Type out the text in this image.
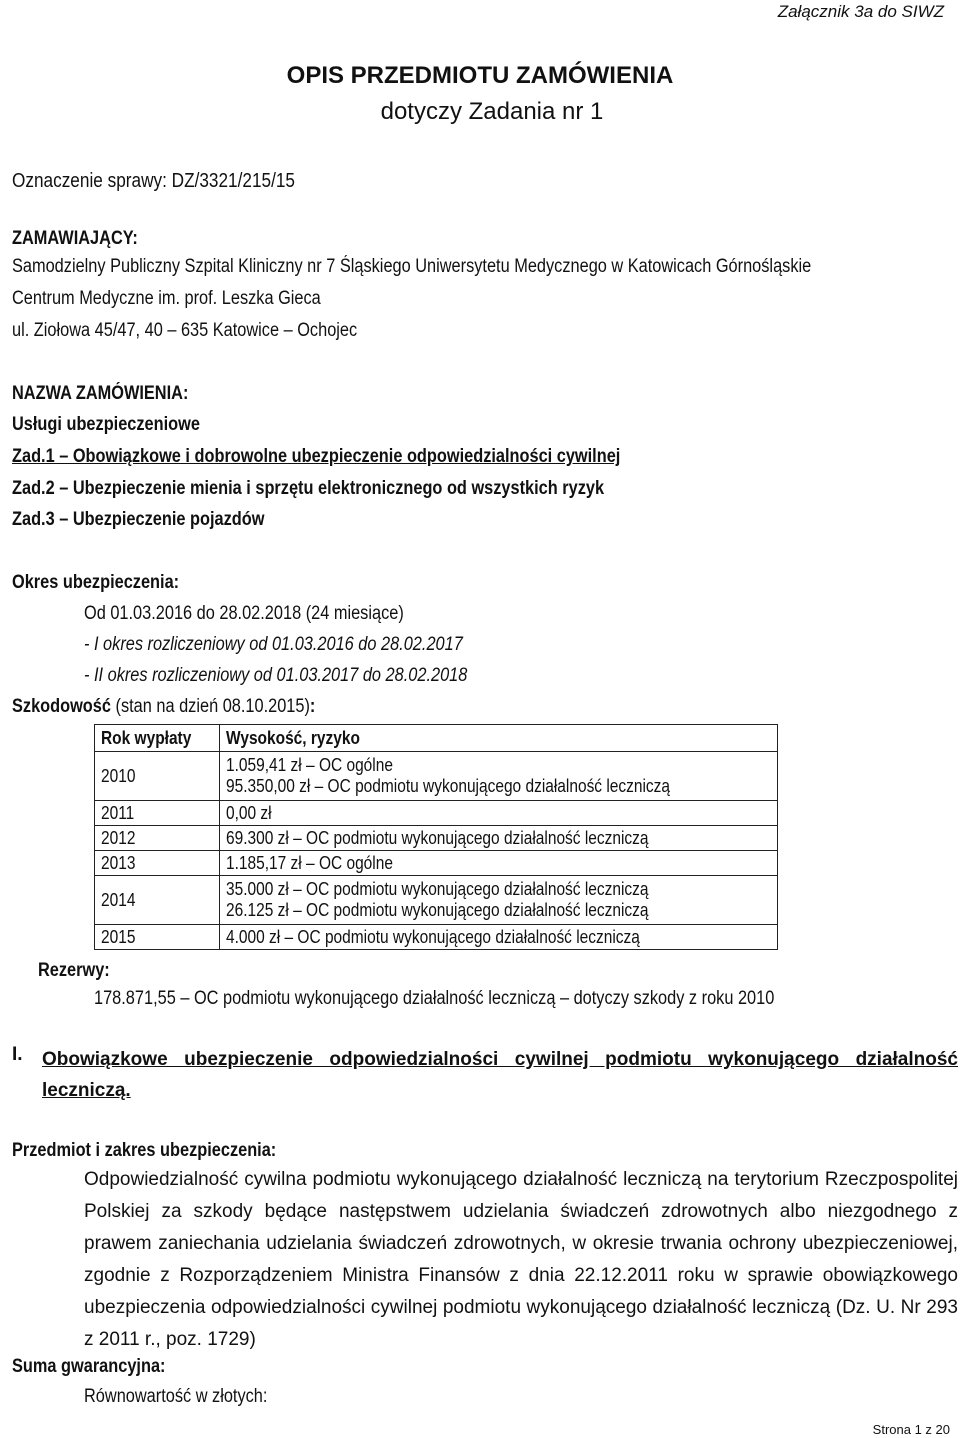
Załącznik 3a do SIWZ
OPIS PRZEDMIOTU ZAMÓWIENIA
dotyczy Zadania nr 1
Oznaczenie sprawy: DZ/3321/215/15
ZAMAWIAJĄCY:
Samodzielny Publiczny Szpital Kliniczny nr 7 Śląskiego Uniwersytetu Medycznego w Katowicach Górnośląskie
Centrum Medyczne im. prof. Leszka Gieca
ul. Ziołowa 45/47, 40 – 635 Katowice – Ochojec
NAZWA ZAMÓWIENIA:
Usługi ubezpieczeniowe
Zad.1 – Obowiązkowe i dobrowolne ubezpieczenie odpowiedzialności cywilnej
Zad.2 – Ubezpieczenie mienia i sprzętu elektronicznego od wszystkich ryzyk
Zad.3 – Ubezpieczenie pojazdów
Okres ubezpieczenia:
Od 01.03.2016 do 28.02.2018 (24 miesiące)
- I okres rozliczeniowy od 01.03.2016 do 28.02.2017
- II okres rozliczeniowy od 01.03.2017 do 28.02.2018
Szkodowość (stan na dzień 08.10.2015):
Rok wypłaty	Wysokość, ryzyko
2010	1.059,41 zł – OC ogólne
95.350,00 zł – OC podmiotu wykonującego działalność leczniczą

2011	0,00 zł

2012	69.300 zł – OC podmiotu wykonującego działalność leczniczą

2013	1.185,17 zł – OC ogólne

2014	35.000 zł – OC podmiotu wykonującego działalność leczniczą
26.125 zł – OC podmiotu wykonującego działalność leczniczą

2015	4.000 zł – OC podmiotu wykonującego działalność leczniczą
Rezerwy:
178.871,55 – OC podmiotu wykonującego działalność leczniczą – dotyczy szkody z roku 2010
I. Obowiązkowe ubezpieczenie odpowiedzialności cywilnej podmiotu wykonującego działalność leczniczą.
Przedmiot i zakres ubezpieczenia:
Odpowiedzialność cywilna podmiotu wykonującego działalność leczniczą na terytorium Rzeczpospolitej Polskiej za szkody będące następstwem udzielania świadczeń zdrowotnych albo niezgodnego z prawem zaniechania udzielania świadczeń zdrowotnych, w okresie trwania ochrony ubezpieczeniowej, zgodnie z Rozporządzeniem Ministra Finansów z dnia 22.12.2011 roku w sprawie obowiązkowego ubezpieczenia odpowiedzialności cywilnej podmiotu wykonującego działalność leczniczą (Dz. U. Nr 293 z 2011 r., poz. 1729)
Suma gwarancyjna:
Równowartość w złotych:
Strona 1 z 20
